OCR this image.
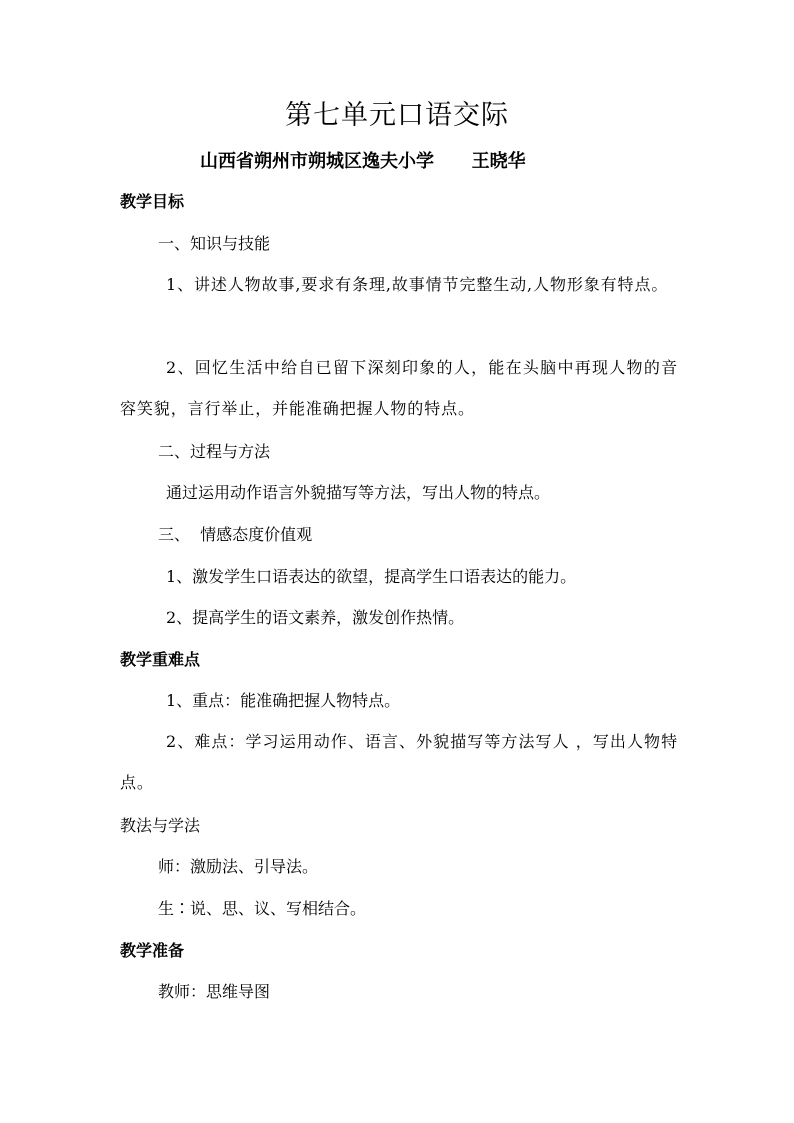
第七单元口语交际
山西省朔州市朔城区逸夫小学      王晓华
教学目标
一、知识与技能
1、讲述人物故事,要求有条理,故事情节完整生动,人物形象有特点。
2、回忆生活中给自已留下深刻印象的人，能在头脑中再现人物的音容笑貌，言行举止，并能准确把握人物的特点。
二、过程与方法
通过运用动作语言外貌描写等方法，写出人物的特点。
三、  情感态度价值观
1、激发学生口语表达的欲望，提高学生口语表达的能力。
2、提高学生的语文素养，激发创作热情。
教学重难点
1、重点：能准确把握人物特点。
2、难点：学习运用动作、语言、外貌描写等方法写人 ，写出人物特点。
教法与学法
师：激励法、引导法。
生∶说、思、议、写相结合。
教学准备
教师：思维导图
